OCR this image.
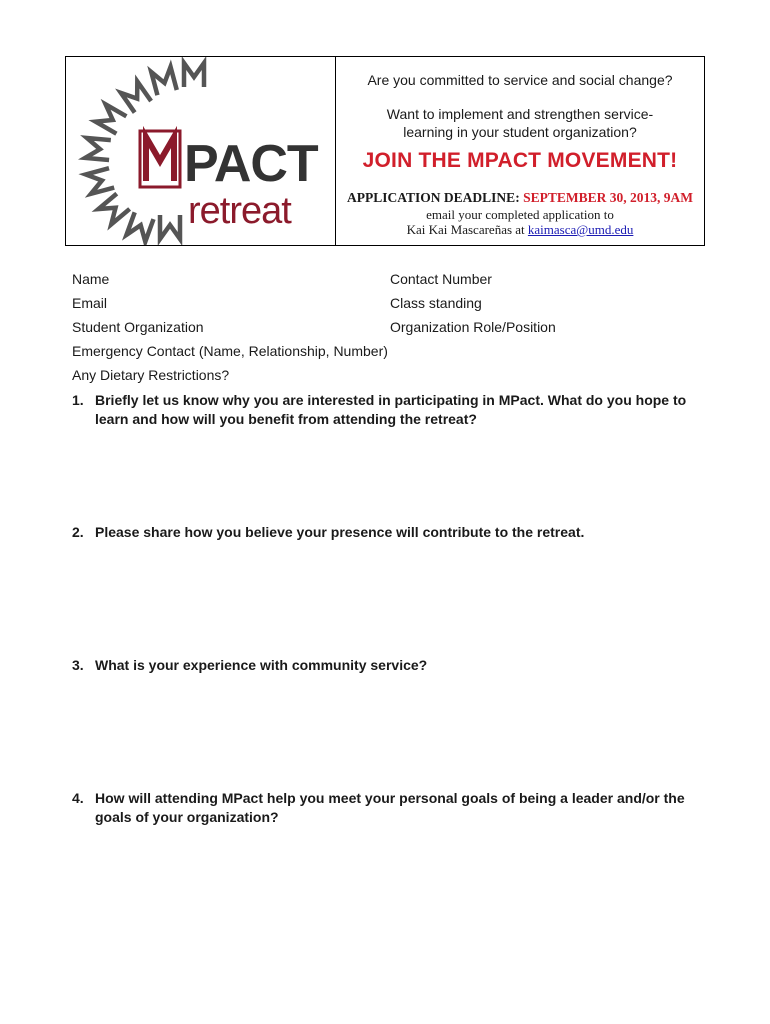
PACT
retreat
Are you committed to service and social change?
Want to implement and strengthen service-learning in your student organization?
JOIN THE MPACT MOVEMENT!
APPLICATION DEADLINE: SEPTEMBER 30, 2013, 9AM
email your completed application to
Kai Kai Mascareñas at kaimasca@umd.edu
Name	Contact Number
Email	Class standing
Student Organization	Organization Role/Position
Emergency Contact (Name, Relationship, Number)
Any Dietary Restrictions?
1. Briefly let us know why you are interested in participating in MPact. What do you hope to learn and how will you benefit from attending the retreat?
2. Please share how you believe your presence will contribute to the retreat.
3. What is your experience with community service?
4. How will attending MPact help you meet your personal goals of being a leader and/or the goals of your organization?
